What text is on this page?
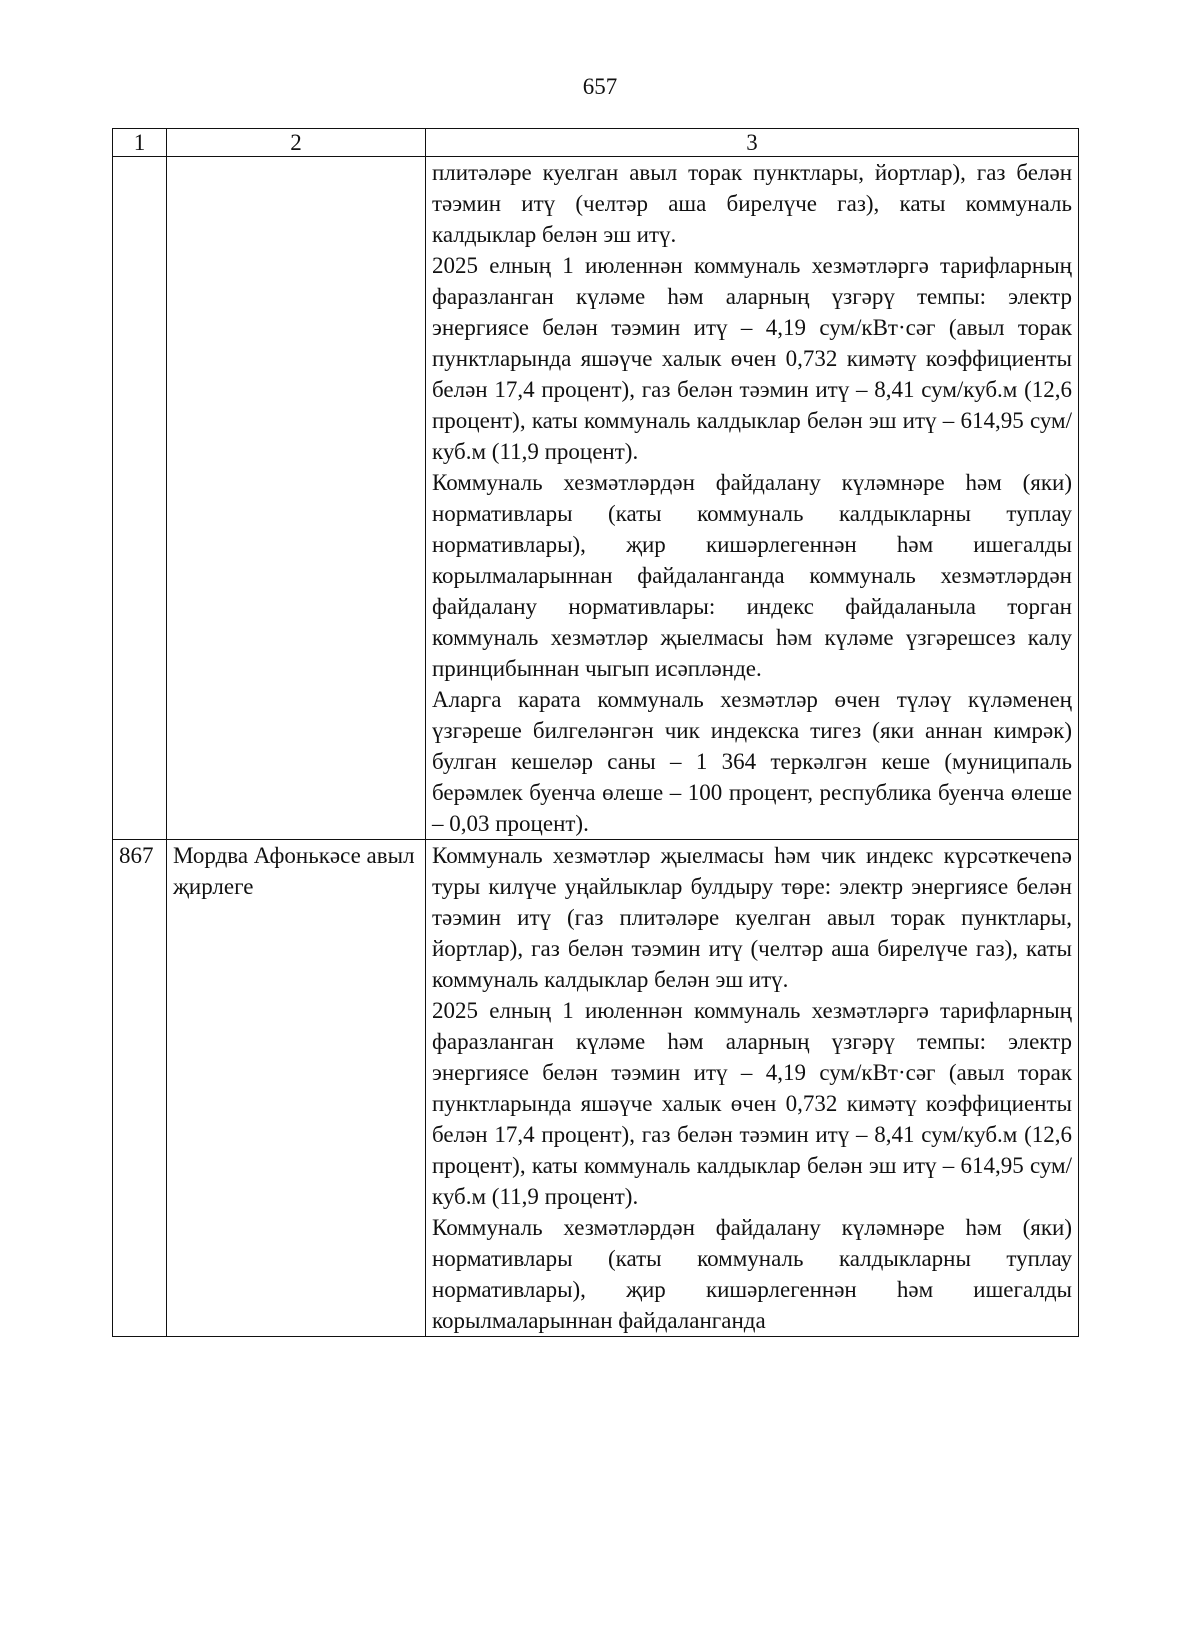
657
1	2	3

		плитәләре куелган авыл торак пунктлары, йортлар), газ белән тәэмин итү (челтәр аша бирелүче газ), каты коммуналь калдыклар белән эш итү.

2025 елның 1 июленнән коммуналь хезмәтләргә тарифларның фаразланган күләме һәм аларның үзгәрү темпы: электр энергиясе белән тәэмин итү – 4,19 сум/кВт·сәг (авыл торак пунктларында яшәүче халык өчен 0,732 кимәтү коэффициенты белән 17,4 процент), газ белән тәэмин итү – 8,41 сум/куб.м (12,6 процент), каты коммуналь калдыклар белән эш итү – 614,95 сум/куб.м (11,9 процент).

Коммуналь хезмәтләрдән файдалану күләмнәре һәм (яки) нормативлары (каты коммуналь калдыкларны туплау нормативлары), җир кишәрлегеннән һәм ишегалды корылмаларыннан файдаланганда коммуналь хезмәтләрдән файдалану нормативлары: индекс файдаланыла торган коммуналь хезмәтләр җыелмасы һәм күләме үзгәрешсез калу принцибыннан чыгып исәпләнде.

Аларга карата коммуналь хезмәтләр өчен түләү күләменең үзгәреше билгеләнгән чик индекска тигез (яки аннан кимрәк) булган кешеләр саны – 1 364 теркәлгән кеше (муниципаль берәмлек буенча өлеше – 100 процент, республика буенча өлеше – 0,03 процент).

867	Мордва Афонькәсе авыл җирлеге	Коммуналь хезмәтләр җыелмасы һәм чик индекс күрсәткечenә туры килүче уңайлыклар булдыру төре: электр энергиясе белән тәэмин итү (газ плитәләре куелган авыл торак пунктлары, йортлар), газ белән тәэмин итү (челтәр аша бирелүче газ), каты коммуналь калдыклар белән эш итү.

2025 елның 1 июленнән коммуналь хезмәтләргә тарифларның фаразланган күләме һәм аларның үзгәрү темпы: электр энергиясе белән тәэмин итү – 4,19 сум/кВт·сәг (авыл торак пунктларында яшәүче халык өчен 0,732 кимәтү коэффициенты белән 17,4 процент), газ белән тәэмин итү – 8,41 сум/куб.м (12,6 процент), каты коммуналь калдыклар белән эш итү – 614,95 сум/куб.м (11,9 процент).

Коммуналь хезмәтләрдән файдалану күләмнәре һәм (яки) нормативлары (каты коммуналь калдыкларны туплау нормативлары), җир кишәрлегеннән һәм ишегалды корылмаларыннан файдаланганда
